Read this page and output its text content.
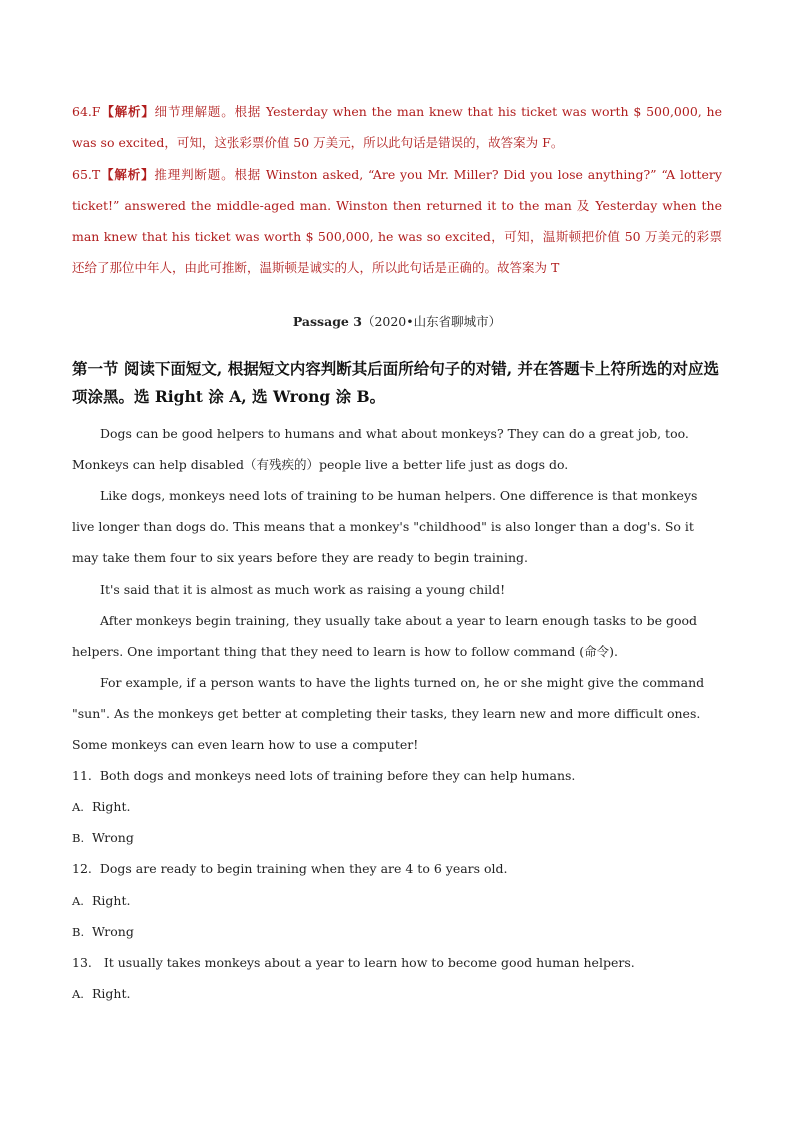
64.F【解析】细节理解题。根据 Yesterday when the man knew that his ticket was worth $ 500,000, he was so excited，可知，这张彩票价值 50 万美元，所以此句话是错误的，故答案为 F。

65.T【解析】推理判断题。根据 Winston asked, “Are you Mr. Miller? Did you lose anything?” “A lottery ticket!” answered the middle-aged man. Winston then returned it to the man 及 Yesterday when the man knew that his ticket was worth $ 500,000, he was so excited，可知，温斯顿把价值 50 万美元的彩票还给了那位中年人，由此可推断，温斯顿是诚实的人，所以此句话是正确的。故答案为 T

Passage 3（2020•山东省聊城市）

第一节 阅读下面短文, 根据短文内容判断其后面所给句子的对错, 并在答题卡上符所选的对应选项涂黑。选 Right 涂 A, 选 Wrong 涂 B。

Dogs can be good helpers to humans and what about monkeys? They can do a great job, too. Monkeys can help disabled（有残疾的）people live a better life just as dogs do.

Like dogs, monkeys need lots of training to be human helpers. One difference is that monkeys live longer than dogs do. This means that a monkey's "childhood" is also longer than a dog's. So it may take them four to six years before they are ready to begin training.

It's said that it is almost as much work as raising a young child!

After monkeys begin training, they usually take about a year to learn enough tasks to be good helpers. One important thing that they need to learn is how to follow command (命令).

For example, if a person wants to have the lights turned on, he or she might give the command "sun". As the monkeys get better at completing their tasks, they learn new and more difficult ones. Some monkeys can even learn how to use a computer!

11. Both dogs and monkeys need lots of training before they can help humans.

A. Right.

B. Wrong

12. Dogs are ready to begin training when they are 4 to 6 years old.

A. Right.

B. Wrong

13.   It usually takes monkeys about a year to learn how to become good human helpers.

A. Right.
